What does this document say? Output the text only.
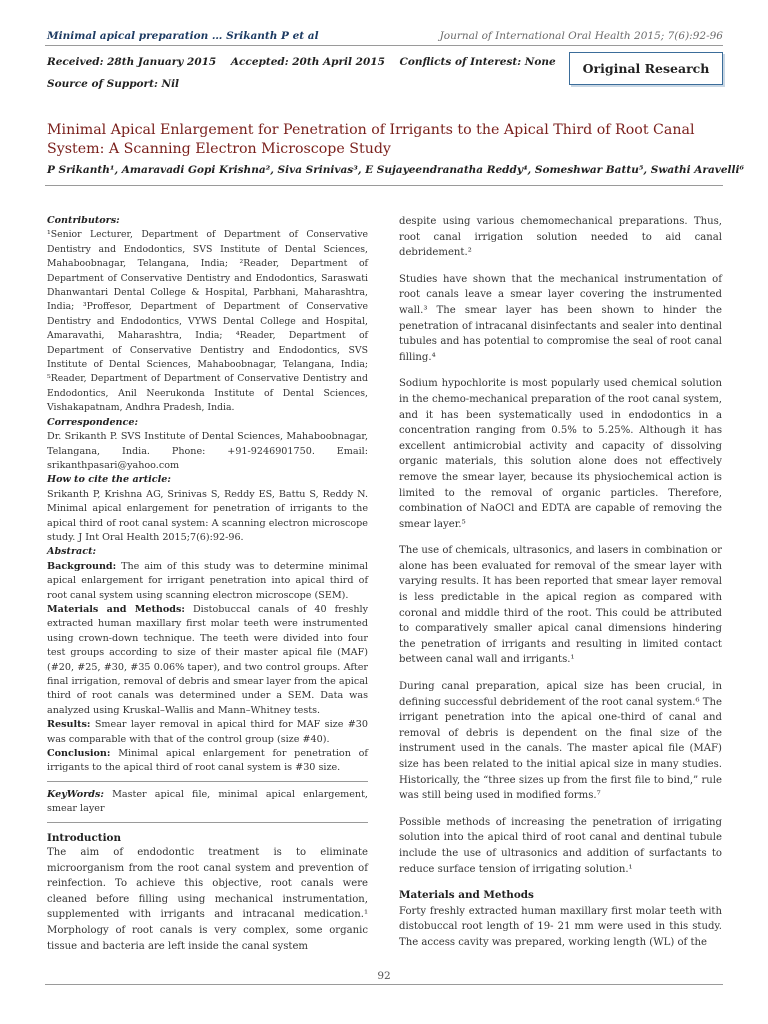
Minimal apical preparation … Srikanth P et al	Journal of International Oral Health 2015; 7(6):92-96
Received: 28th January 2015 Accepted: 20th April 2015 Conflicts of Interest: None
Source of Support: Nil
Original Research
Minimal Apical Enlargement for Penetration of Irrigants to the Apical Third of Root Canal System: A Scanning Electron Microscope Study
P Srikanth¹, Amaravadi Gopi Krishna², Siva Srinivas³, E Sujayeendranatha Reddy⁴, Someshwar Battu⁵, Swathi Aravelli⁶
Contributors:

¹Senior Lecturer, Department of Department of Conservative Dentistry and Endodontics, SVS Institute of Dental Sciences, Mahaboobnagar, Telangana, India; ²Reader, Department of Department of Conservative Dentistry and Endodontics, Saraswati Dhanwantari Dental College & Hospital, Parbhani, Maharashtra, India; ³Proffesor, Department of Department of Conservative Dentistry and Endodontics, VYWS Dental College and Hospital, Amaravathi, Maharashtra, India; ⁴Reader, Department of Department of Conservative Dentistry and Endodontics, SVS Institute of Dental Sciences, Mahaboobnagar, Telangana, India; ⁵Reader, Department of Department of Conservative Dentistry and Endodontics, Anil Neerukonda Institute of Dental Sciences, Vishakapatnam, Andhra Pradesh, India.

Correspondence:

Dr. Srikanth P. SVS Institute of Dental Sciences, Mahaboobnagar, Telangana, India. Phone: +91-9246901750. Email: srikanthpasari@yahoo.com

How to cite the article:

Srikanth P, Krishna AG, Srinivas S, Reddy ES, Battu S, Reddy N. Minimal apical enlargement for penetration of irrigants to the apical third of root canal system: A scanning electron microscope study. J Int Oral Health 2015;7(6):92-96.

Abstract:

Background: The aim of this study was to determine minimal apical enlargement for irrigant penetration into apical third of root canal system using scanning electron microscope (SEM).

Materials and Methods: Distobuccal canals of 40 freshly extracted human maxillary first molar teeth were instrumented using crown-down technique. The teeth were divided into four test groups according to size of their master apical file (MAF) (#20, #25, #30, #35 0.06% taper), and two control groups. After final irrigation, removal of debris and smear layer from the apical third of root canals was determined under a SEM. Data was analyzed using Kruskal–Wallis and Mann–Whitney tests.

Results: Smear layer removal in apical third for MAF size #30 was comparable with that of the control group (size #40).

Conclusion: Minimal apical enlargement for penetration of irrigants to the apical third of root canal system is #30 size.

KeyWords: Master apical file, minimal apical enlargement, smear layer

Introduction

The aim of endodontic treatment is to eliminate microorganism from the root canal system and prevention of reinfection. To achieve this objective, root canals were cleaned before filling using mechanical instrumentation, supplemented with irrigants and intracanal medication.¹ Morphology of root canals is very complex, some organic tissue and bacteria are left inside the canal system

despite using various chemomechanical preparations. Thus, root canal irrigation solution needed to aid canal debridement.²

Studies have shown that the mechanical instrumentation of root canals leave a smear layer covering the instrumented wall.³ The smear layer has been shown to hinder the penetration of intracanal disinfectants and sealer into dentinal tubules and has potential to compromise the seal of root canal filling.⁴

Sodium hypochlorite is most popularly used chemical solution in the chemo-mechanical preparation of the root canal system, and it has been systematically used in endodontics in a concentration ranging from 0.5% to 5.25%. Although it has excellent antimicrobial activity and capacity of dissolving organic materials, this solution alone does not effectively remove the smear layer, because its physiochemical action is limited to the removal of organic particles. Therefore, combination of NaOCl and EDTA are capable of removing the smear layer.⁵

The use of chemicals, ultrasonics, and lasers in combination or alone has been evaluated for removal of the smear layer with varying results. It has been reported that smear layer removal is less predictable in the apical region as compared with coronal and middle third of the root. This could be attributed to comparatively smaller apical canal dimensions hindering the penetration of irrigants and resulting in limited contact between canal wall and irrigants.¹

During canal preparation, apical size has been crucial, in defining successful debridement of the root canal system.⁶ The irrigant penetration into the apical one-third of canal and removal of debris is dependent on the final size of the instrument used in the canals. The master apical file (MAF) size has been related to the initial apical size in many studies. Historically, the “three sizes up from the first file to bind,” rule was still being used in modified forms.⁷

Possible methods of increasing the penetration of irrigating solution into the apical third of root canal and dentinal tubule include the use of ultrasonics and addition of surfactants to reduce surface tension of irrigating solution.¹

Materials and Methods

Forty freshly extracted human maxillary first molar teeth with distobuccal root length of 19- 21 mm were used in this study. The access cavity was prepared, working length (WL) of the

92
